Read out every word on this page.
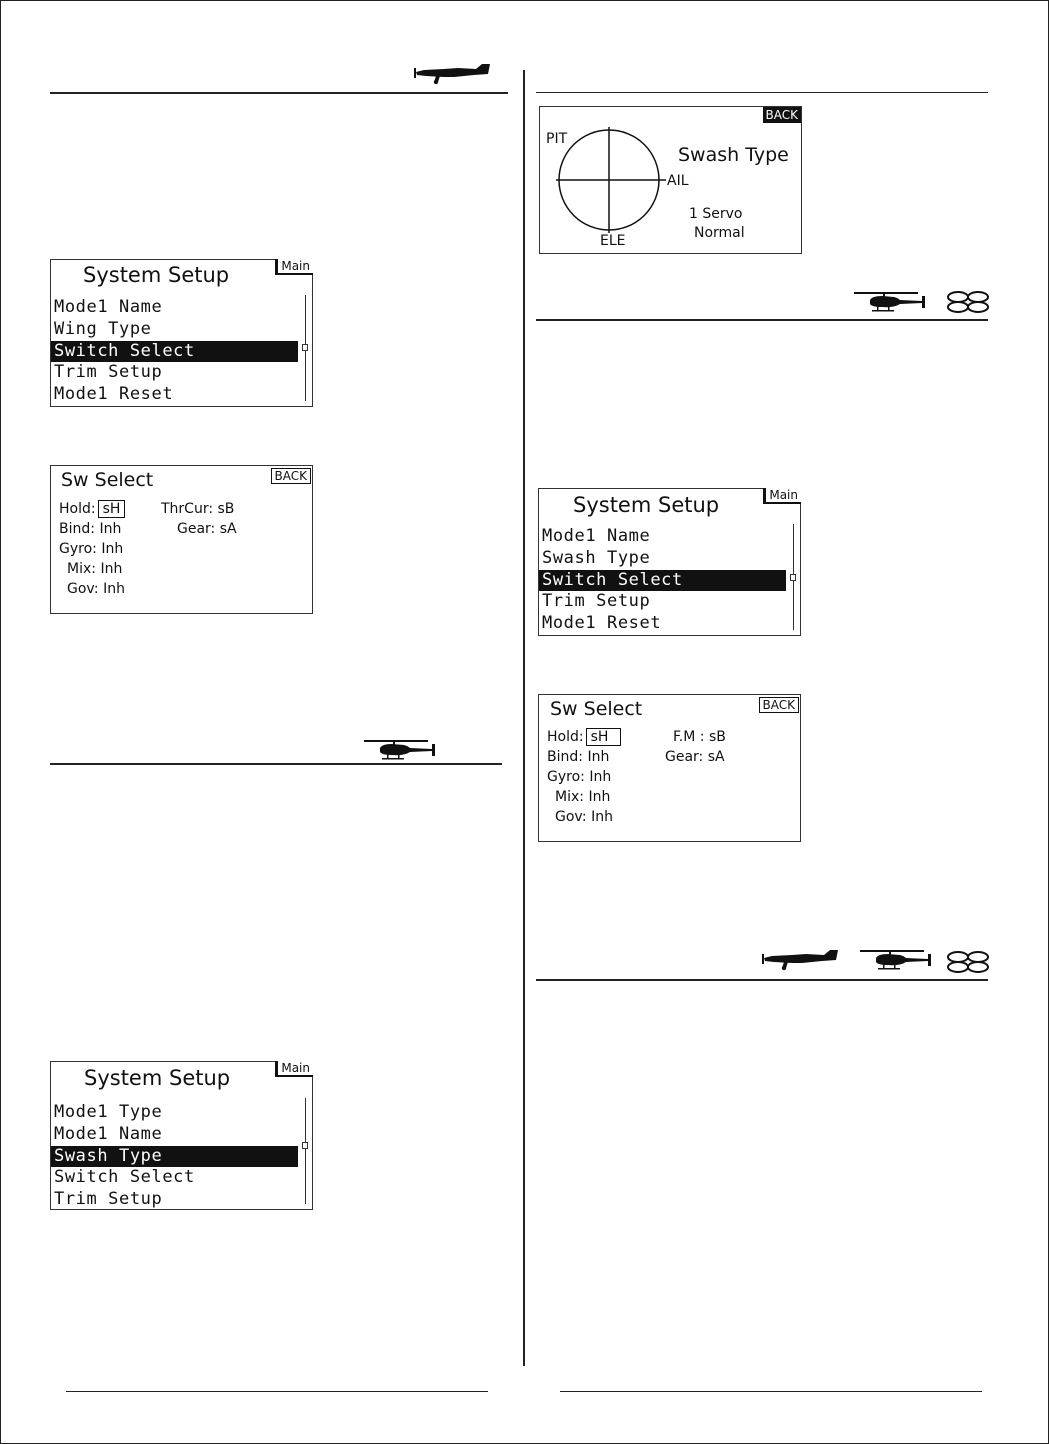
System Setup	Main
Mode1 Name
Wing Type
Switch Select
Trim Setup
Mode1 Reset
Sw Select	BACK
Hold: sH	ThrCur: sB
Bind: Inh	Gear: sA
Gyro: Inh
Mix: Inh
Gov: Inh
System Setup	Main
Mode1 Type
Mode1 Name
Swash Type
Switch Select
Trim Setup
BACK
PIT
AIL
ELE
Swash Type
1 Servo
Normal
System Setup	Main
Mode1 Name
Swash Type
Switch Select
Trim Setup
Mode1 Reset
Sw Select	BACK
Hold: sH	F.M : sB
Bind: Inh	Gear: sA
Gyro: Inh
Mix: Inh
Gov: Inh
